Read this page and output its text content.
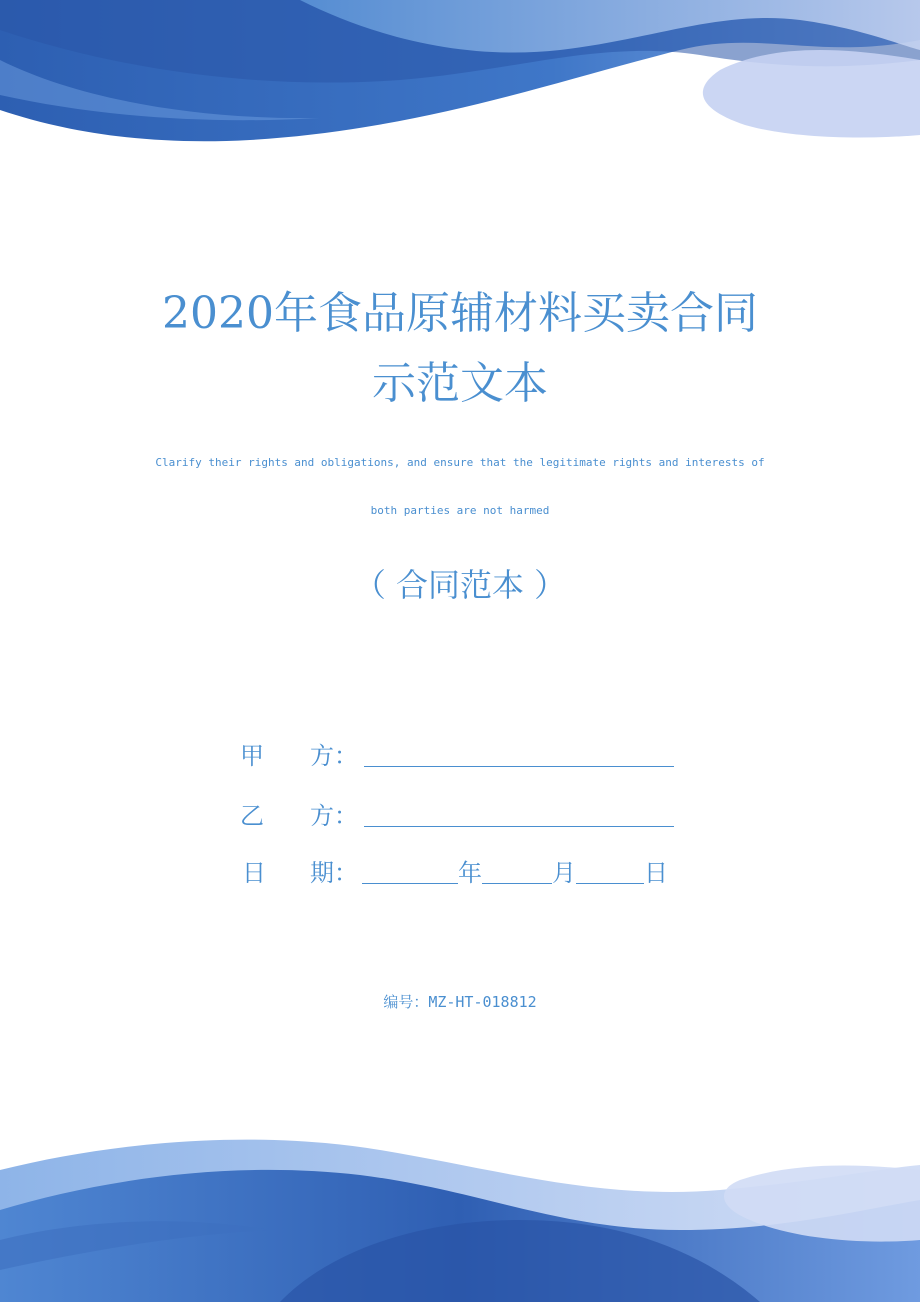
2020年食品原辅材料买卖合同
示范文本

Clarify their rights and obligations, and ensure that the legitimate rights and interests of

both parties are not harmed

（ 合同范本 ）

甲 方：
乙 方：
日 期：	年	月	日
编号：MZ-HT-018812
